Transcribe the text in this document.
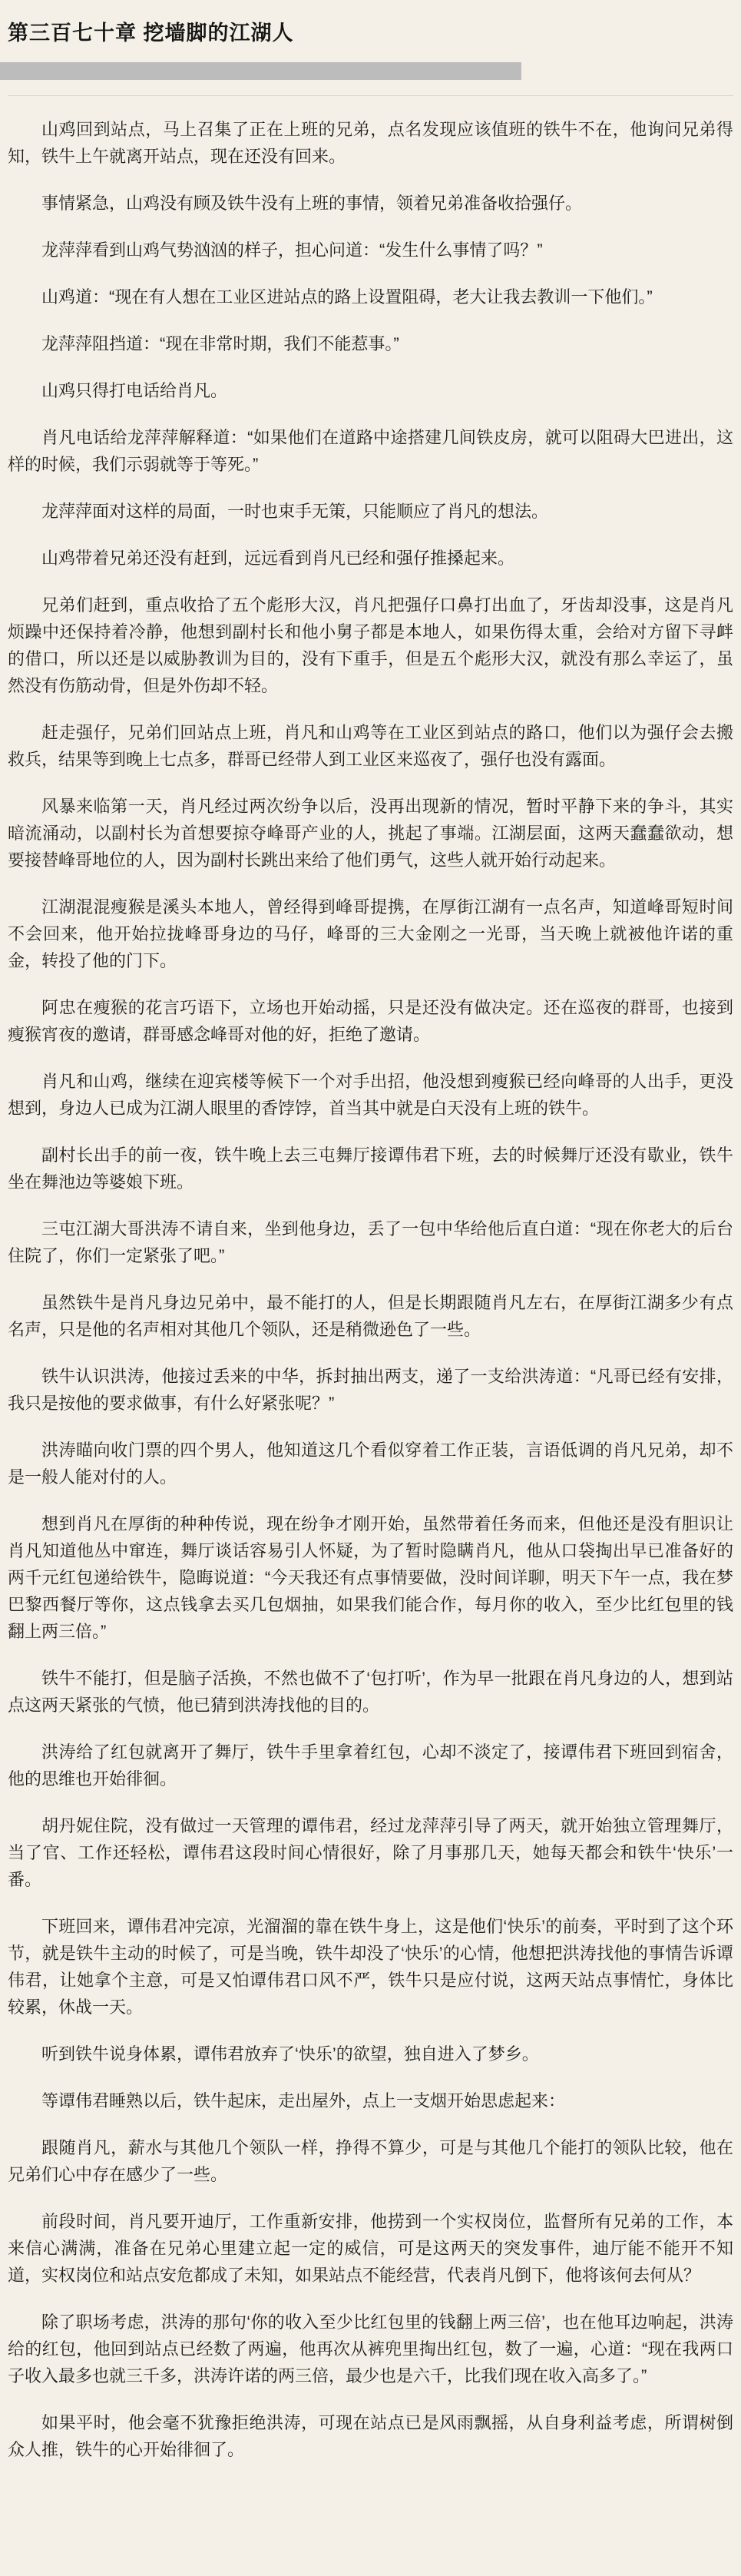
第三百七十章 挖墙脚的江湖人

山鸡回到站点，马上召集了正在上班的兄弟，点名发现应该值班的铁牛不在，他询问兄弟得知，铁牛上午就离开站点，现在还没有回来。

事情紧急，山鸡没有顾及铁牛没有上班的事情，领着兄弟准备收拾强仔。

龙萍萍看到山鸡气势汹汹的样子，担心问道：“发生什么事情了吗？”

山鸡道：“现在有人想在工业区进站点的路上设置阻碍，老大让我去教训一下他们。”

龙萍萍阻挡道：“现在非常时期，我们不能惹事。”

山鸡只得打电话给肖凡。

肖凡电话给龙萍萍解释道：“如果他们在道路中途搭建几间铁皮房，就可以阻碍大巴进出，这样的时候，我们示弱就等于等死。”

龙萍萍面对这样的局面，一时也束手无策，只能顺应了肖凡的想法。

山鸡带着兄弟还没有赶到，远远看到肖凡已经和强仔推搡起来。

兄弟们赶到，重点收拾了五个彪形大汉，肖凡把强仔口鼻打出血了，牙齿却没事，这是肖凡烦躁中还保持着冷静，他想到副村长和他小舅子都是本地人，如果伤得太重，会给对方留下寻衅的借口，所以还是以威胁教训为目的，没有下重手，但是五个彪形大汉，就没有那么幸运了，虽然没有伤筋动骨，但是外伤却不轻。

赶走强仔，兄弟们回站点上班，肖凡和山鸡等在工业区到站点的路口，他们以为强仔会去搬救兵，结果等到晚上七点多，群哥已经带人到工业区来巡夜了，强仔也没有露面。

风暴来临第一天，肖凡经过两次纷争以后，没再出现新的情况，暂时平静下来的争斗，其实暗流涌动，以副村长为首想要掠夺峰哥产业的人，挑起了事端。江湖层面，这两天蠢蠢欲动，想要接替峰哥地位的人，因为副村长跳出来给了他们勇气，这些人就开始行动起来。

江湖混混瘦猴是溪头本地人，曾经得到峰哥提携，在厚街江湖有一点名声，知道峰哥短时间不会回来，他开始拉拢峰哥身边的马仔，峰哥的三大金刚之一光哥，当天晚上就被他许诺的重金，转投了他的门下。

阿忠在瘦猴的花言巧语下，立场也开始动摇，只是还没有做决定。还在巡夜的群哥，也接到瘦猴宵夜的邀请，群哥感念峰哥对他的好，拒绝了邀请。

肖凡和山鸡，继续在迎宾楼等候下一个对手出招，他没想到瘦猴已经向峰哥的人出手，更没想到，身边人已成为江湖人眼里的香饽饽，首当其中就是白天没有上班的铁牛。

副村长出手的前一夜，铁牛晚上去三屯舞厅接谭伟君下班，去的时候舞厅还没有歇业，铁牛坐在舞池边等婆娘下班。

三屯江湖大哥洪涛不请自来，坐到他身边，丢了一包中华给他后直白道：“现在你老大的后台住院了，你们一定紧张了吧。”

虽然铁牛是肖凡身边兄弟中，最不能打的人，但是长期跟随肖凡左右，在厚街江湖多少有点名声，只是他的名声相对其他几个领队，还是稍微逊色了一些。

铁牛认识洪涛，他接过丢来的中华，拆封抽出两支，递了一支给洪涛道：“凡哥已经有安排，我只是按他的要求做事，有什么好紧张呢？”

洪涛瞄向收门票的四个男人，他知道这几个看似穿着工作正装，言语低调的肖凡兄弟，却不是一般人能对付的人。

想到肖凡在厚街的种种传说，现在纷争才刚开始，虽然带着任务而来，但他还是没有胆识让肖凡知道他丛中窜连，舞厅谈话容易引人怀疑，为了暂时隐瞒肖凡，他从口袋掏出早已准备好的两千元红包递给铁牛，隐晦说道：“今天我还有点事情要做，没时间详聊，明天下午一点，我在梦巴黎西餐厅等你，这点钱拿去买几包烟抽，如果我们能合作，每月你的收入，至少比红包里的钱翻上两三倍。”

铁牛不能打，但是脑子活换，不然也做不了‘包打听’，作为早一批跟在肖凡身边的人，想到站点这两天紧张的气愤，他已猜到洪涛找他的目的。

洪涛给了红包就离开了舞厅，铁牛手里拿着红包，心却不淡定了，接谭伟君下班回到宿舍，他的思维也开始徘徊。

胡丹妮住院，没有做过一天管理的谭伟君，经过龙萍萍引导了两天，就开始独立管理舞厅，当了官、工作还轻松，谭伟君这段时间心情很好，除了月事那几天，她每天都会和铁牛‘快乐’一番。

下班回来，谭伟君冲完凉，光溜溜的靠在铁牛身上，这是他们‘快乐’的前奏，平时到了这个环节，就是铁牛主动的时候了，可是当晚，铁牛却没了‘快乐’的心情，他想把洪涛找他的事情告诉谭伟君，让她拿个主意，可是又怕谭伟君口风不严，铁牛只是应付说，这两天站点事情忙，身体比较累，休战一天。

听到铁牛说身体累，谭伟君放弃了‘快乐’的欲望，独自进入了梦乡。

等谭伟君睡熟以后，铁牛起床，走出屋外，点上一支烟开始思虑起来：

跟随肖凡，薪水与其他几个领队一样，挣得不算少，可是与其他几个能打的领队比较，他在兄弟们心中存在感少了一些。

前段时间，肖凡要开迪厅，工作重新安排，他捞到一个实权岗位，监督所有兄弟的工作，本来信心满满，准备在兄弟心里建立起一定的威信，可是这两天的突发事件，迪厅能不能开不知道，实权岗位和站点安危都成了未知，如果站点不能经营，代表肖凡倒下，他将该何去何从？

除了职场考虑，洪涛的那句‘你的收入至少比红包里的钱翻上两三倍’，也在他耳边响起，洪涛给的红包，他回到站点已经数了两遍，他再次从裤兜里掏出红包，数了一遍，心道：“现在我两口子收入最多也就三千多，洪涛许诺的两三倍，最少也是六千，比我们现在收入高多了。”

如果平时，他会毫不犹豫拒绝洪涛，可现在站点已是风雨飘摇，从自身利益考虑，所谓树倒众人推，铁牛的心开始徘徊了。
